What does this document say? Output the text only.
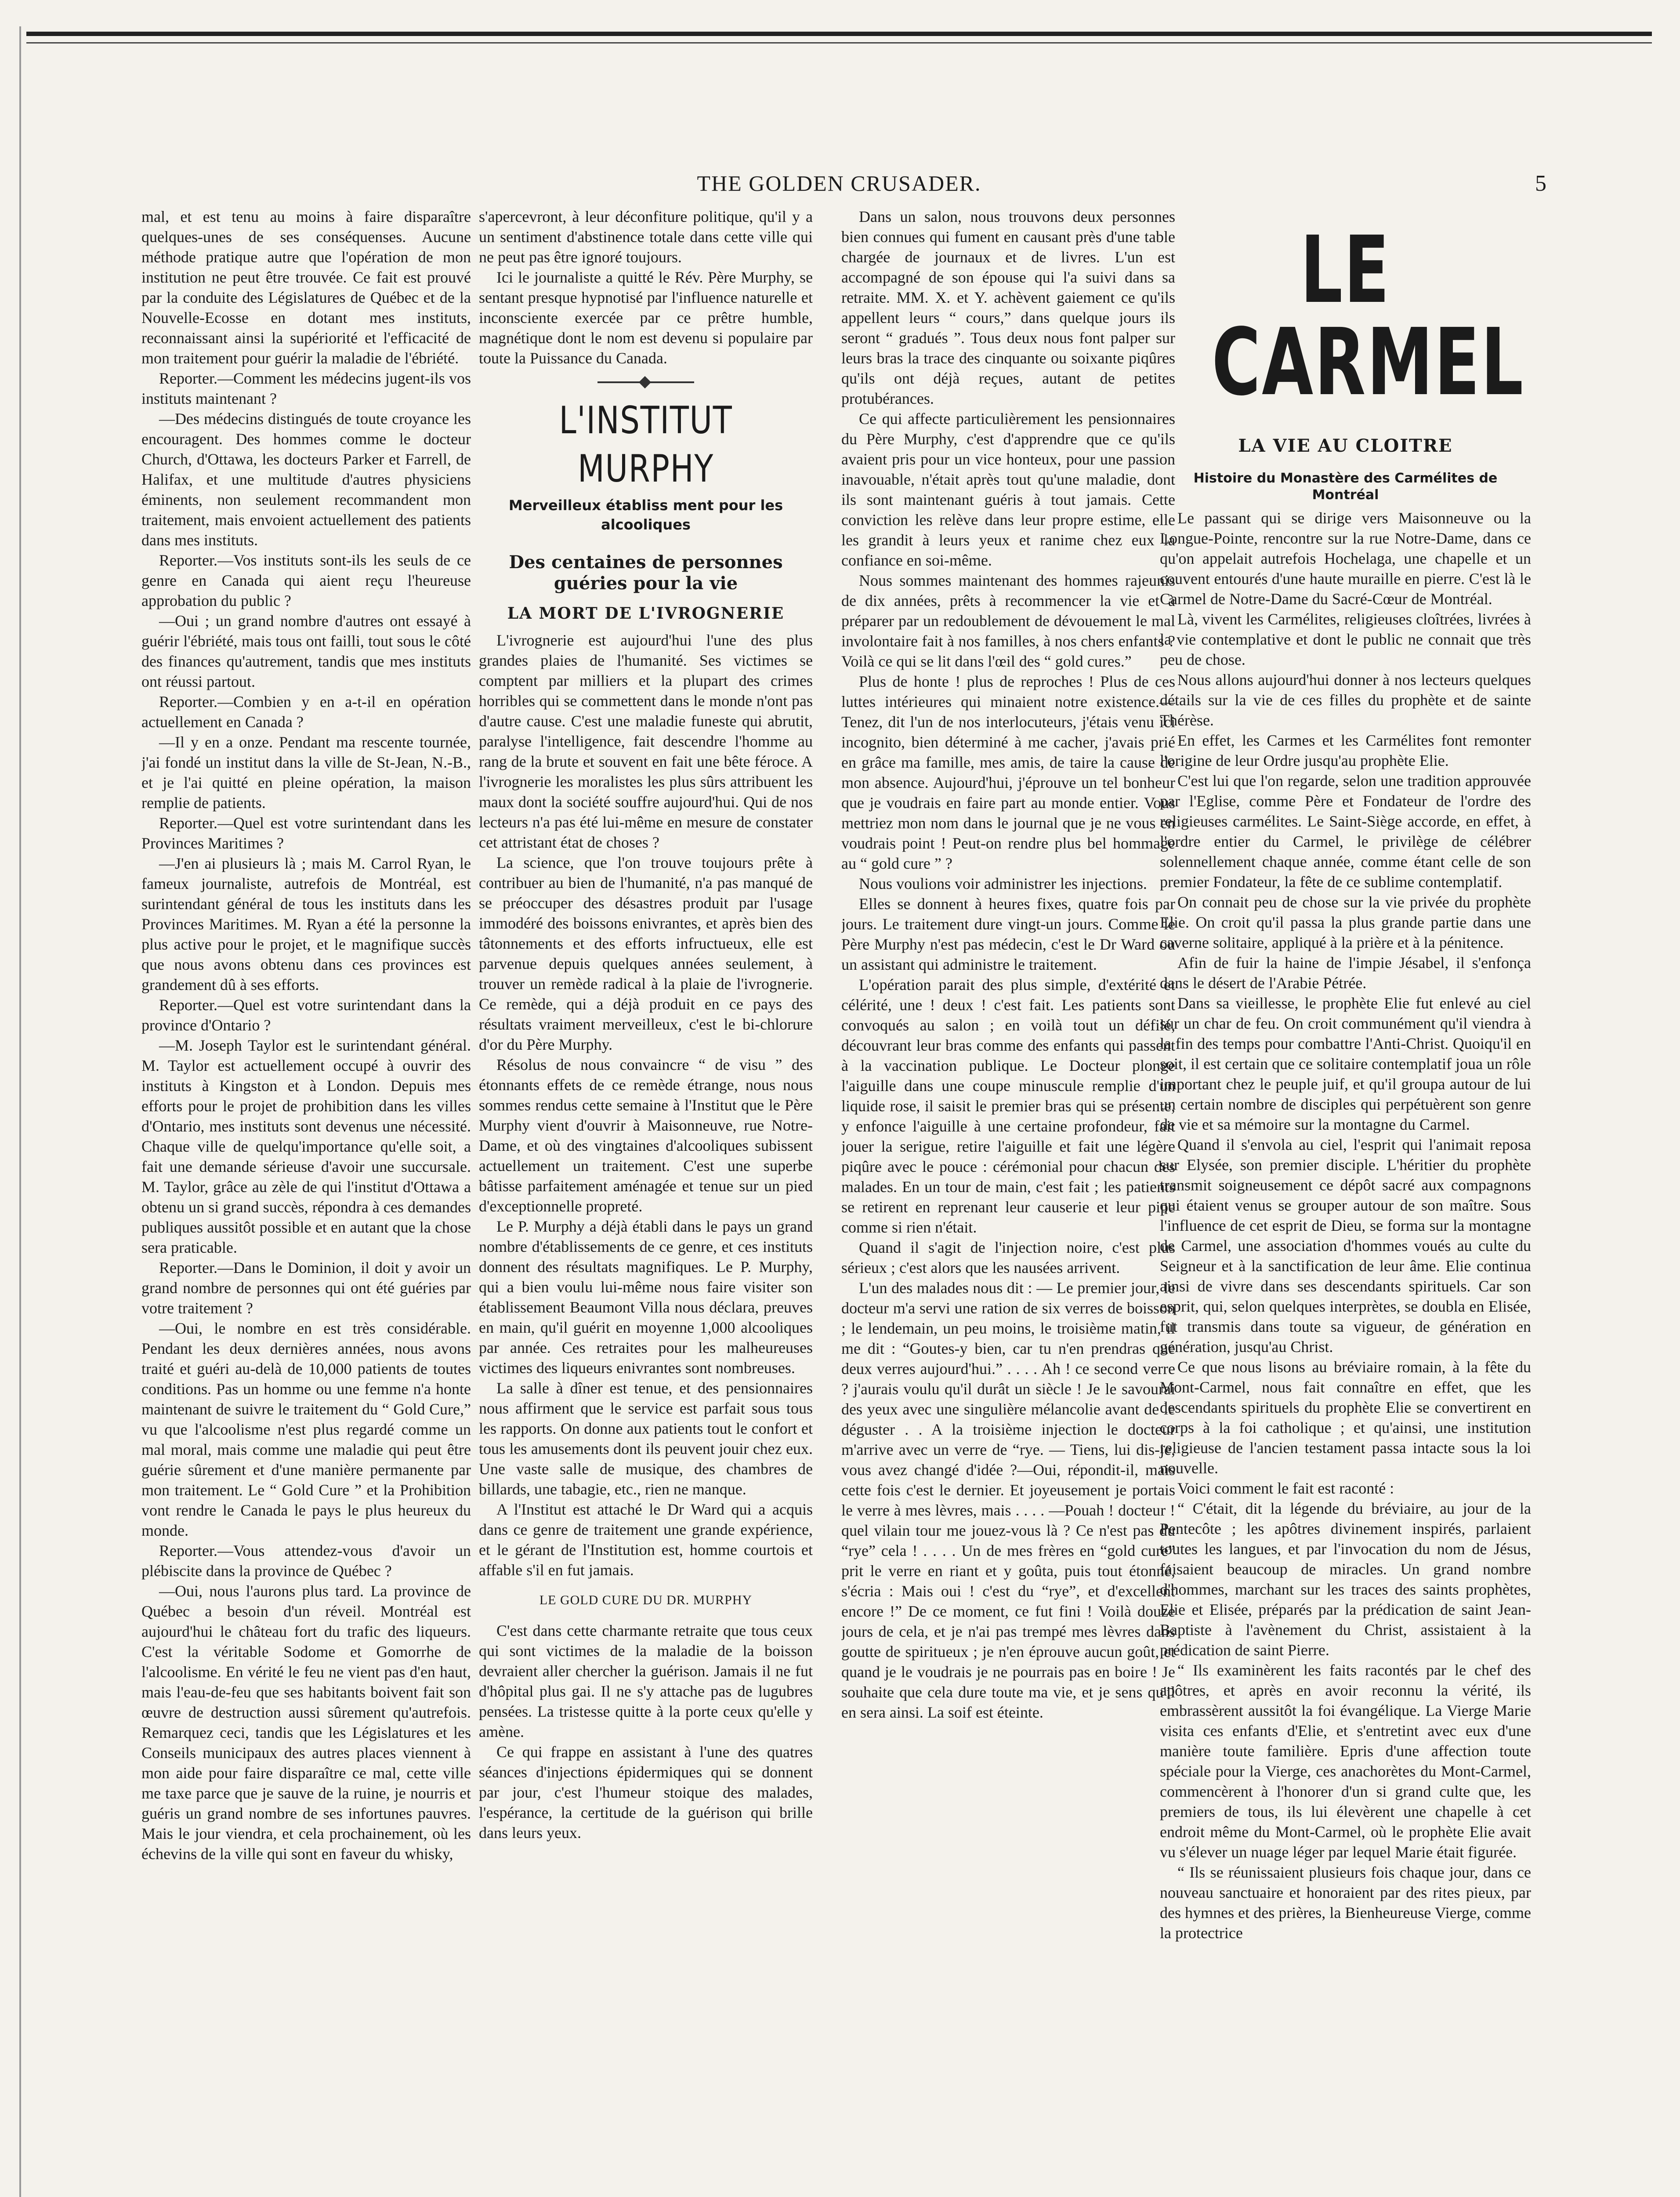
THE GOLDEN CRUSADER.	5

mal, et est tenu au moins à faire disparaître quelques-unes de ses conséquenses. Aucune méthode pratique autre que l'opération de mon institution ne peut être trouvée. Ce fait est prouvé par la conduite des Législatures de Québec et de la Nouvelle-Ecosse en dotant mes instituts, reconnaissant ainsi la supériorité et l'efficacité de mon traitement pour guérir la maladie de l'ébriété.

Reporter.—Comment les médecins jugent-ils vos instituts maintenant ?

—Des médecins distingués de toute croyance les encouragent. Des hommes comme le docteur Church, d'Ottawa, les docteurs Parker et Farrell, de Halifax, et une multitude d'autres physiciens éminents, non seulement recommandent mon traitement, mais envoient actuellement des patients dans mes instituts.

Reporter.—Vos instituts sont-ils les seuls de ce genre en Canada qui aient reçu l'heureuse approbation du public ?

—Oui ; un grand nombre d'autres ont essayé à guérir l'ébriété, mais tous ont failli, tout sous le côté des finances qu'autrement, tandis que mes instituts ont réussi partout.

Reporter.—Combien y en a-t-il en opération actuellement en Canada ?

—Il y en a onze. Pendant ma rescente tournée, j'ai fondé un institut dans la ville de St-Jean, N.-B., et je l'ai quitté en pleine opération, la maison remplie de patients.

Reporter.—Quel est votre surintendant dans les Provinces Maritimes ?

—J'en ai plusieurs là ; mais M. Carrol Ryan, le fameux journaliste, autrefois de Montréal, est surintendant général de tous les instituts dans les Provinces Maritimes. M. Ryan a été la personne la plus active pour le projet, et le magnifique succès que nous avons obtenu dans ces provinces est grandement dû à ses efforts.

Reporter.—Quel est votre surintendant dans la province d'Ontario ?

—M. Joseph Taylor est le surintendant général. M. Taylor est actuellement occupé à ouvrir des instituts à Kingston et à London. Depuis mes efforts pour le projet de prohibition dans les villes d'Ontario, mes instituts sont devenus une nécessité. Chaque ville de quelqu'importance qu'elle soit, a fait une demande sérieuse d'avoir une succursale. M. Taylor, grâce au zèle de qui l'institut d'Ottawa a obtenu un si grand succès, répondra à ces demandes publiques aussitôt possible et en autant que la chose sera praticable.

Reporter.—Dans le Dominion, il doit y avoir un grand nombre de personnes qui ont été guéries par votre traitement ?

—Oui, le nombre en est très considérable. Pendant les deux dernières années, nous avons traité et guéri au-delà de 10,000 patients de toutes conditions. Pas un homme ou une femme n'a honte maintenant de suivre le traitement du “ Gold Cure,” vu que l'alcoolisme n'est plus regardé comme un mal moral, mais comme une maladie qui peut être guérie sûrement et d'une manière permanente par mon traitement. Le “ Gold Cure ” et la Prohibition vont rendre le Canada le pays le plus heureux du monde.

Reporter.—Vous attendez-vous d'avoir un plébiscite dans la province de Québec ?

—Oui, nous l'aurons plus tard. La province de Québec a besoin d'un réveil. Montréal est aujourd'hui le château fort du trafic des liqueurs. C'est la véritable Sodome et Gomorrhe de l'alcoolisme. En vérité le feu ne vient pas d'en haut, mais l'eau-de-feu que ses habitants boivent fait son œuvre de destruction aussi sûrement qu'autrefois. Remarquez ceci, tandis que les Législatures et les Conseils municipaux des autres places viennent à mon aide pour faire disparaître ce mal, cette ville me taxe parce que je sauve de la ruine, je nourris et guéris un grand nombre de ses infortunes pauvres. Mais le jour viendra, et cela prochainement, où les échevins de la ville qui sont en faveur du whisky,

s'apercevront, à leur déconfiture politique, qu'il y a un sentiment d'abstinence totale dans cette ville qui ne peut pas être ignoré toujours.

Ici le journaliste a quitté le Rév. Père Murphy, se sentant presque hypnotisé par l'influence naturelle et inconsciente exercée par ce prêtre humble, magnétique dont le nom est devenu si populaire par toute la Puissance du Canada.

L'INSTITUT MURPHY
Merveilleux établiss ment pour les alcooliques
Des centaines de personnes guéries pour la vie
LA MORT DE L'IVROGNERIE

L'ivrognerie est aujourd'hui l'une des plus grandes plaies de l'humanité. Ses victimes se comptent par milliers et la plupart des crimes horribles qui se commettent dans le monde n'ont pas d'autre cause. C'est une maladie funeste qui abrutit, paralyse l'intelligence, fait descendre l'homme au rang de la brute et souvent en fait une bête féroce. A l'ivrognerie les moralistes les plus sûrs attribuent les maux dont la société souffre aujourd'hui. Qui de nos lecteurs n'a pas été lui-même en mesure de constater cet attristant état de choses ?

La science, que l'on trouve toujours prête à contribuer au bien de l'humanité, n'a pas manqué de se préoccuper des désastres produit par l'usage immodéré des boissons enivrantes, et après bien des tâtonnements et des efforts infructueux, elle est parvenue depuis quelques années seulement, à trouver un remède radical à la plaie de l'ivrognerie. Ce remède, qui a déjà produit en ce pays des résultats vraiment merveilleux, c'est le bi-chlorure d'or du Père Murphy.

Résolus de nous convaincre “ de visu ” des étonnants effets de ce remède étrange, nous nous sommes rendus cette semaine à l'Institut que le Père Murphy vient d'ouvrir à Maisonneuve, rue Notre-Dame, et où des vingtaines d'alcooliques subissent actuellement un traitement. C'est une superbe bâtisse parfaitement aménagée et tenue sur un pied d'exceptionnelle propreté.

Le P. Murphy a déjà établi dans le pays un grand nombre d'établissements de ce genre, et ces instituts donnent des résultats magnifiques. Le P. Murphy, qui a bien voulu lui-même nous faire visiter son établissement Beaumont Villa nous déclara, preuves en main, qu'il guérit en moyenne 1,000 alcooliques par année. Ces retraites pour les malheureuses victimes des liqueurs enivrantes sont nombreuses.

La salle à dîner est tenue, et des pensionnaires nous affirment que le service est parfait sous tous les rapports. On donne aux patients tout le confort et tous les amusements dont ils peuvent jouir chez eux. Une vaste salle de musique, des chambres de billards, une tabagie, etc., rien ne manque.

A l'Institut est attaché le Dr Ward qui a acquis dans ce genre de traitement une grande expérience, et le gérant de l'Institution est, homme courtois et affable s'il en fut jamais.

LE GOLD CURE DU DR. MURPHY

C'est dans cette charmante retraite que tous ceux qui sont victimes de la maladie de la boisson devraient aller chercher la guérison. Jamais il ne fut d'hôpital plus gai. Il ne s'y attache pas de lugubres pensées. La tristesse quitte à la porte ceux qu'elle y amène.

Ce qui frappe en assistant à l'une des quatres séances d'injections épidermiques qui se donnent par jour, c'est l'humeur stoique des malades, l'espérance, la certitude de la guérison qui brille dans leurs yeux.

Dans un salon, nous trouvons deux personnes bien connues qui fument en causant près d'une table chargée de journaux et de livres. L'un est accompagné de son épouse qui l'a suivi dans sa retraite. MM. X. et Y. achèvent gaiement ce qu'ils appellent leurs “ cours,” dans quelque jours ils seront “ gradués ”. Tous deux nous font palper sur leurs bras la trace des cinquante ou soixante piqûres qu'ils ont déjà reçues, autant de petites protubérances.

Ce qui affecte particulièrement les pensionnaires du Père Murphy, c'est d'apprendre que ce qu'ils avaient pris pour un vice honteux, pour une passion inavouable, n'était après tout qu'une maladie, dont ils sont maintenant guéris à tout jamais. Cette conviction les relève dans leur propre estime, elle les grandit à leurs yeux et ranime chez eux la confiance en soi-même.

Nous sommes maintenant des hommes rajeunis de dix années, prêts à recommencer la vie et à préparer par un redoublement de dévouement le mal involontaire fait à nos familles, à nos chers enfants ? Voilà ce qui se lit dans l'œil des “ gold cures.”

Plus de honte ! plus de reproches ! Plus de ces luttes intérieures qui minaient notre existence.—Tenez, dit l'un de nos interlocuteurs, j'étais venu ici incognito, bien déterminé à me cacher, j'avais prié en grâce ma famille, mes amis, de taire la cause de mon absence. Aujourd'hui, j'éprouve un tel bonheur que je voudrais en faire part au monde entier. Vous mettriez mon nom dans le journal que je ne vous en voudrais point ! Peut-on rendre plus bel hommage au “ gold cure ” ?

Nous voulions voir administrer les injections.

Elles se donnent à heures fixes, quatre fois par jours. Le traitement dure vingt-un jours. Comme le Père Murphy n'est pas médecin, c'est le Dr Ward ou un assistant qui administre le traitement.

L'opération parait des plus simple, d'extérité et célérité, une ! deux ! c'est fait. Les patients sont convoqués au salon ; en voilà tout un défilé, découvrant leur bras comme des enfants qui passent à la vaccination publique. Le Docteur plonge l'aiguille dans une coupe minuscule remplie d'un liquide rose, il saisit le premier bras qui se présente, y enfonce l'aiguille à une certaine profondeur, fait jouer la serigue, retire l'aiguille et fait une légère piqûre avec le pouce : cérémonial pour chacun des malades. En un tour de main, c'est fait ; les patients se retirent en reprenant leur causerie et leur pipe comme si rien n'était.

Quand il s'agit de l'injection noire, c'est plus sérieux ; c'est alors que les nausées arrivent.

L'un des malades nous dit : — Le premier jour, le docteur m'a servi une ration de six verres de boisson ; le lendemain, un peu moins, le troisième matin, il me dit : “Goutes-y bien, car tu n'en prendras que deux verres aujourd'hui.” . . . . Ah ! ce second verre ? j'aurais voulu qu'il durât un siècle ! Je le savourai des yeux avec une singulière mélancolie avant de le déguster . . A la troisième injection le docteur m'arrive avec un verre de “rye. — Tiens, lui dis-je, vous avez changé d'idée ?—Oui, répondit-il, mais cette fois c'est le dernier. Et joyeusement je portais le verre à mes lèvres, mais . . . . —Pouah ! docteur ! quel vilain tour me jouez-vous là ? Ce n'est pas du “rye” cela ! . . . . Un de mes frères en “gold cure” prit le verre en riant et y goûta, puis tout étonné, s'écria : Mais oui ! c'est du “rye”, et d'excellent encore !” De ce moment, ce fut fini ! Voilà douze jours de cela, et je n'ai pas trempé mes lèvres dans goutte de spiritueux ; je n'en éprouve aucun goût, et quand je le voudrais je ne pourrais pas en boire ! Je souhaite que cela dure toute ma vie, et je sens qu'il en sera ainsi. La soif est éteinte.

LE CARMEL
LA VIE AU CLOITRE
Histoire du Monastère des Carmélites de Montréal

Le passant qui se dirige vers Maisonneuve ou la Longue-Pointe, rencontre sur la rue Notre-Dame, dans ce qu'on appelait autrefois Hochelaga, une chapelle et un couvent entourés d'une haute muraille en pierre. C'est là le Carmel de Notre-Dame du Sacré-Cœur de Montréal.

Là, vivent les Carmélites, religieuses cloîtrées, livrées à la vie contemplative et dont le public ne connait que très peu de chose.

Nous allons aujourd'hui donner à nos lecteurs quelques détails sur la vie de ces filles du prophète et de sainte Thérèse.

En effet, les Carmes et les Carmélites font remonter l'origine de leur Ordre jusqu'au prophète Elie.

C'est lui que l'on regarde, selon une tradition approuvée par l'Eglise, comme Père et Fondateur de l'ordre des religieuses carmélites. Le Saint-Siège accorde, en effet, à l'ordre entier du Carmel, le privilège de célébrer solennellement chaque année, comme étant celle de son premier Fondateur, la fête de ce sublime contemplatif.

On connait peu de chose sur la vie privée du prophète Elie. On croit qu'il passa la plus grande partie dans une caverne solitaire, appliqué à la prière et à la pénitence.

Afin de fuir la haine de l'impie Jésabel, il s'enfonça dans le désert de l'Arabie Pétrée.

Dans sa vieillesse, le prophète Elie fut enlevé au ciel sur un char de feu. On croit communément qu'il viendra à la fin des temps pour combattre l'Anti-Christ. Quoiqu'il en soit, il est certain que ce solitaire contemplatif joua un rôle important chez le peuple juif, et qu'il groupa autour de lui un certain nombre de disciples qui perpétuèrent son genre de vie et sa mémoire sur la montagne du Carmel.

Quand il s'envola au ciel, l'esprit qui l'animait reposa sur Elysée, son premier disciple. L'héritier du prophète transmit soigneusement ce dépôt sacré aux compagnons qui étaient venus se grouper autour de son maître. Sous l'influence de cet esprit de Dieu, se forma sur la montagne de Carmel, une association d'hommes voués au culte du Seigneur et à la sanctification de leur âme. Elie continua ainsi de vivre dans ses descendants spirituels. Car son esprit, qui, selon quelques interprètes, se doubla en Elisée, fut transmis dans toute sa vigueur, de génération en génération, jusqu'au Christ.

Ce que nous lisons au bréviaire romain, à la fête du Mont-Carmel, nous fait connaître en effet, que les descendants spirituels du prophète Elie se convertirent en corps à la foi catholique ; et qu'ainsi, une institution religieuse de l'ancien testament passa intacte sous la loi nouvelle.

Voici comment le fait est raconté :

“ C'était, dit la légende du bréviaire, au jour de la Pentecôte ; les apôtres divinement inspirés, parlaient toutes les langues, et par l'invocation du nom de Jésus, faisaient beaucoup de miracles. Un grand nombre d'hommes, marchant sur les traces des saints prophètes, Elie et Elisée, préparés par la prédication de saint Jean-Baptiste à l'avènement du Christ, assistaient à la prédication de saint Pierre.

“ Ils examinèrent les faits racontés par le chef des apôtres, et après en avoir reconnu la vérité, ils embrassèrent aussitôt la foi évangélique. La Vierge Marie visita ces enfants d'Elie, et s'entretint avec eux d'une manière toute familière. Epris d'une affection toute spéciale pour la Vierge, ces anachorètes du Mont-Carmel, commencèrent à l'honorer d'un si grand culte que, les premiers de tous, ils lui élevèrent une chapelle à cet endroit même du Mont-Carmel, où le prophète Elie avait vu s'élever un nuage léger par lequel Marie était figurée.

“ Ils se réunissaient plusieurs fois chaque jour, dans ce nouveau sanctuaire et honoraient par des rites pieux, par des hymnes et des prières, la Bienheureuse Vierge, comme la protectrice
